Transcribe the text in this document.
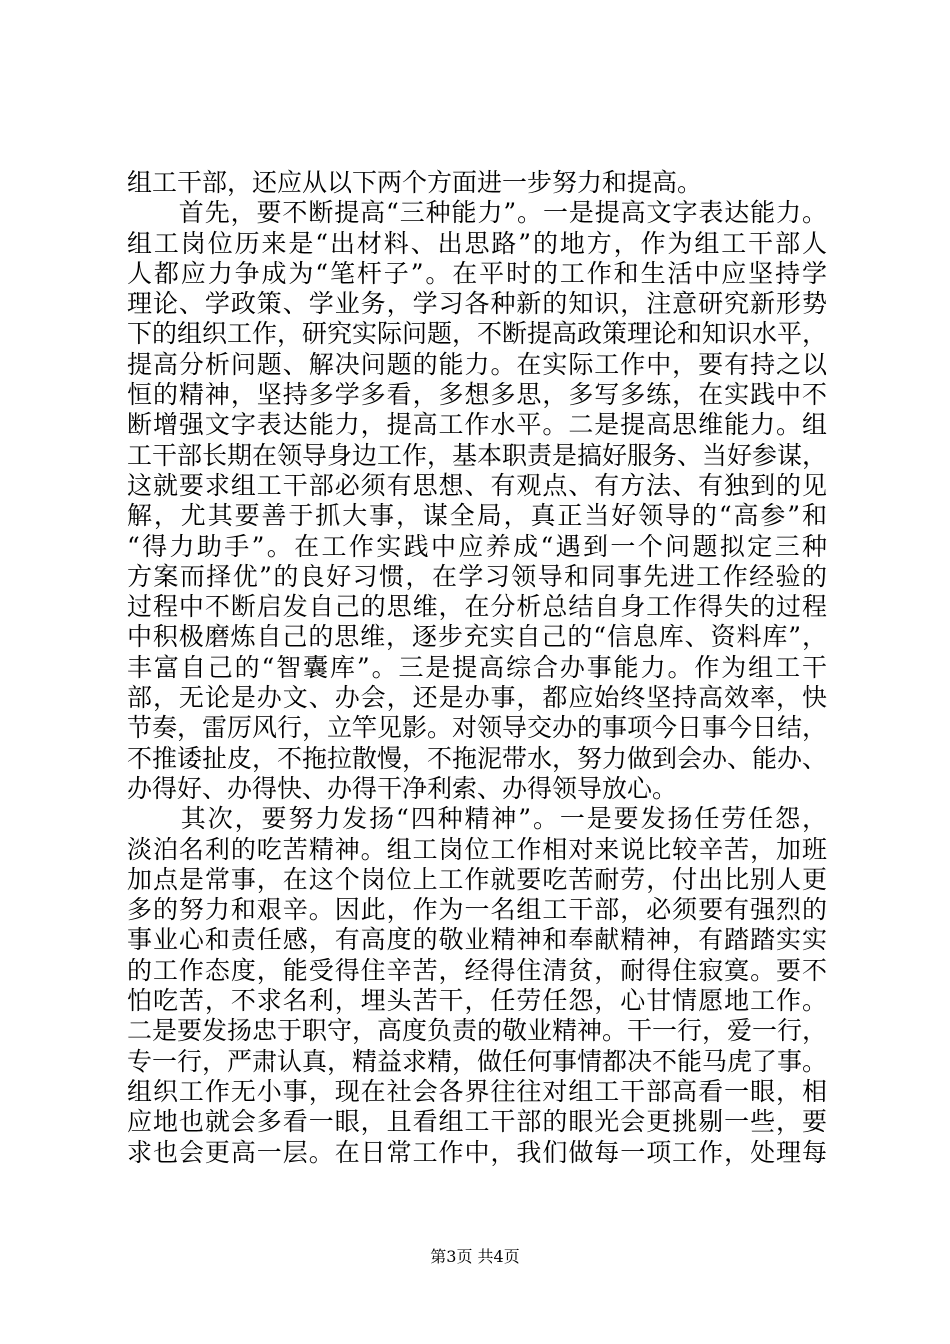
组工干部，还应从以下两个方面进一步努力和提高。
　　首先，要不断提高“三种能力”。一是提高文字表达能力。
组工岗位历来是“出材料、出思路”的地方，作为组工干部人
人都应力争成为“笔杆子”。在平时的工作和生活中应坚持学
理论、学政策、学业务，学习各种新的知识，注意研究新形势
下的组织工作，研究实际问题，不断提高政策理论和知识水平，
提高分析问题、解决问题的能力。在实际工作中，要有持之以
恒的精神，坚持多学多看，多想多思，多写多练，在实践中不
断增强文字表达能力，提高工作水平。二是提高思维能力。组
工干部长期在领导身边工作，基本职责是搞好服务、当好参谋，
这就要求组工干部必须有思想、有观点、有方法、有独到的见
解，尤其要善于抓大事，谋全局，真正当好领导的“高参”和
“得力助手”。在工作实践中应养成“遇到一个问题拟定三种
方案而择优”的良好习惯，在学习领导和同事先进工作经验的
过程中不断启发自己的思维，在分析总结自身工作得失的过程
中积极磨炼自己的思维，逐步充实自己的“信息库、资料库”，
丰富自己的“智囊库”。三是提高综合办事能力。作为组工干
部，无论是办文、办会，还是办事，都应始终坚持高效率，快
节奏，雷厉风行，立竿见影。对领导交办的事项今日事今日结，
不推诿扯皮，不拖拉散慢，不拖泥带水，努力做到会办、能办、
办得好、办得快、办得干净利索、办得领导放心。
　　其次，要努力发扬“四种精神”。一是要发扬任劳任怨，
淡泊名利的吃苦精神。组工岗位工作相对来说比较辛苦，加班
加点是常事，在这个岗位上工作就要吃苦耐劳，付出比别人更
多的努力和艰辛。因此，作为一名组工干部，必须要有强烈的
事业心和责任感，有高度的敬业精神和奉献精神，有踏踏实实
的工作态度，能受得住辛苦，经得住清贫，耐得住寂寞。要不
怕吃苦，不求名利，埋头苦干，任劳任怨，心甘情愿地工作。
二是要发扬忠于职守，高度负责的敬业精神。干一行，爱一行，
专一行，严肃认真，精益求精，做任何事情都决不能马虎了事。
组织工作无小事，现在社会各界往往对组工干部高看一眼，相
应地也就会多看一眼，且看组工干部的眼光会更挑剔一些，要
求也会更高一层。在日常工作中，我们做每一项工作，处理每
第3页 共4页
